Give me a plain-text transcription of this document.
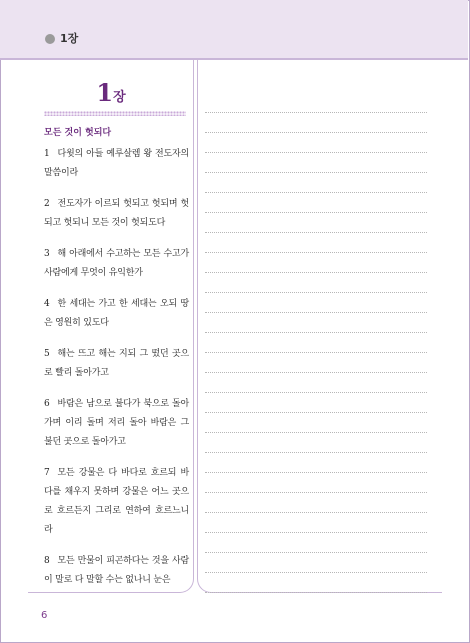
1장
1장
모든 것이 헛되다
1 다윗의 아들 예루살렘 왕 전도자의 말씀이라
2 전도자가 이르되 헛되고 헛되며 헛되고 헛되니 모든 것이 헛되도다
3 해 아래에서 수고하는 모든 수고가 사람에게 무엇이 유익한가
4 한 세대는 가고 한 세대는 오되 땅은 영원히 있도다
5 해는 뜨고 해는 지되 그 떴던 곳으로 빨리 돌아가고
6 바람은 남으로 불다가 북으로 돌아가며 이리 돌며 저리 돌아 바람은 그 불던 곳으로 돌아가고
7 모든 강물은 다 바다로 흐르되 바다를 채우지 못하며 강물은 어느 곳으로 흐르든지 그리로 연하여 흐르느니라
8 모든 만물이 피곤하다는 것을 사람이 말로 다 말할 수는 없나니 눈은
6
